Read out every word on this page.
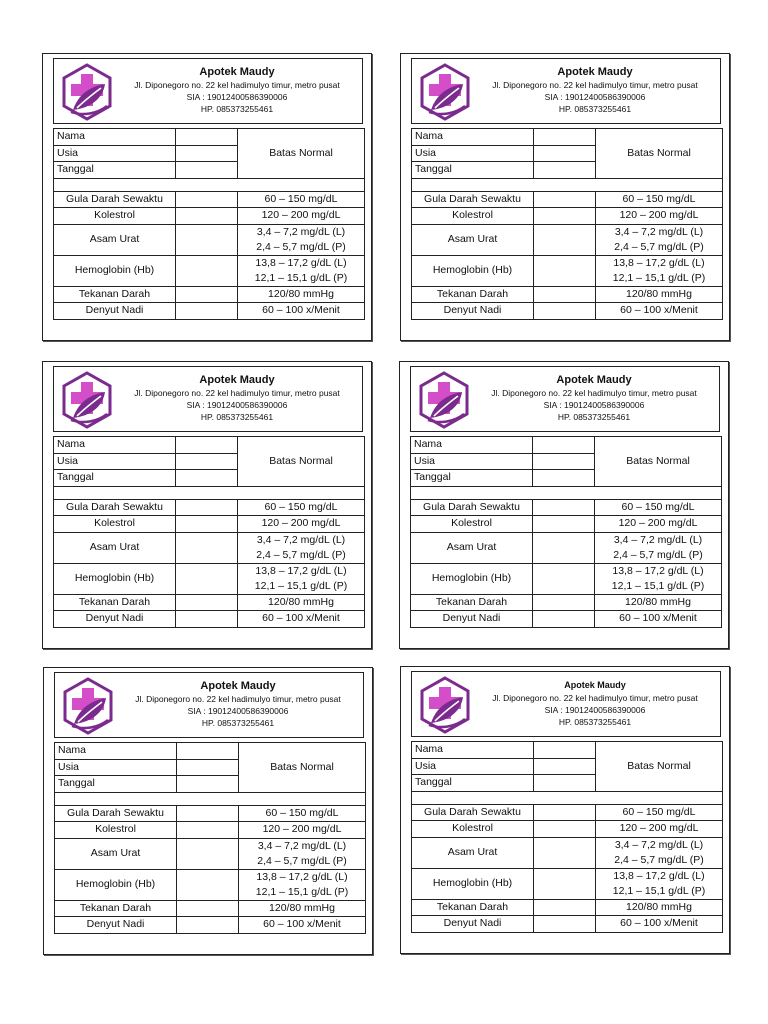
Apotek Maudy
Jl. Diponegoro no. 22 kel hadimulyo timur, metro pusat
SIA : 19012400586390006
HP. 085373255461
Nama		Batas Normal
Usia		
Tanggal		

Gula Darah Sewaktu		60 – 150 mg/dL
Kolestrol		120 – 200 mg/dL
Asam Urat		3,4 – 7,2 mg/dL (L)
2,4 – 5,7 mg/dL (P)
Hemoglobin (Hb)		13,8 – 17,2 g/dL (L)
12,1 – 15,1 g/dL (P)
Tekanan Darah		120/80 mmHg
Denyut Nadi		60 – 100 x/Menit
Apotek Maudy
Jl. Diponegoro no. 22 kel hadimulyo timur, metro pusat
SIA : 19012400586390006
HP. 085373255461
Nama		Batas Normal
Usia		
Tanggal		

Gula Darah Sewaktu		60 – 150 mg/dL
Kolestrol		120 – 200 mg/dL
Asam Urat		3,4 – 7,2 mg/dL (L)
2,4 – 5,7 mg/dL (P)
Hemoglobin (Hb)		13,8 – 17,2 g/dL (L)
12,1 – 15,1 g/dL (P)
Tekanan Darah		120/80 mmHg
Denyut Nadi		60 – 100 x/Menit
Apotek Maudy
Jl. Diponegoro no. 22 kel hadimulyo timur, metro pusat
SIA : 19012400586390006
HP. 085373255461
Nama		Batas Normal
Usia		
Tanggal		

Gula Darah Sewaktu		60 – 150 mg/dL
Kolestrol		120 – 200 mg/dL
Asam Urat		3,4 – 7,2 mg/dL (L)
2,4 – 5,7 mg/dL (P)
Hemoglobin (Hb)		13,8 – 17,2 g/dL (L)
12,1 – 15,1 g/dL (P)
Tekanan Darah		120/80 mmHg
Denyut Nadi		60 – 100 x/Menit
Apotek Maudy
Jl. Diponegoro no. 22 kel hadimulyo timur, metro pusat
SIA : 19012400586390006
HP. 085373255461
Nama		Batas Normal
Usia		
Tanggal		

Gula Darah Sewaktu		60 – 150 mg/dL
Kolestrol		120 – 200 mg/dL
Asam Urat		3,4 – 7,2 mg/dL (L)
2,4 – 5,7 mg/dL (P)
Hemoglobin (Hb)		13,8 – 17,2 g/dL (L)
12,1 – 15,1 g/dL (P)
Tekanan Darah		120/80 mmHg
Denyut Nadi		60 – 100 x/Menit
Apotek Maudy
Jl. Diponegoro no. 22 kel hadimulyo timur, metro pusat
SIA : 19012400586390006
HP. 085373255461
Nama		Batas Normal
Usia		
Tanggal		

Gula Darah Sewaktu		60 – 150 mg/dL
Kolestrol		120 – 200 mg/dL
Asam Urat		3,4 – 7,2 mg/dL (L)
2,4 – 5,7 mg/dL (P)
Hemoglobin (Hb)		13,8 – 17,2 g/dL (L)
12,1 – 15,1 g/dL (P)
Tekanan Darah		120/80 mmHg
Denyut Nadi		60 – 100 x/Menit
Apotek Maudy
Jl. Diponegoro no. 22 kel hadimulyo timur, metro pusat
SIA : 19012400586390006
HP. 085373255461
Nama		Batas Normal
Usia		
Tanggal		

Gula Darah Sewaktu		60 – 150 mg/dL
Kolestrol		120 – 200 mg/dL
Asam Urat		3,4 – 7,2 mg/dL (L)
2,4 – 5,7 mg/dL (P)
Hemoglobin (Hb)		13,8 – 17,2 g/dL (L)
12,1 – 15,1 g/dL (P)
Tekanan Darah		120/80 mmHg
Denyut Nadi		60 – 100 x/Menit
